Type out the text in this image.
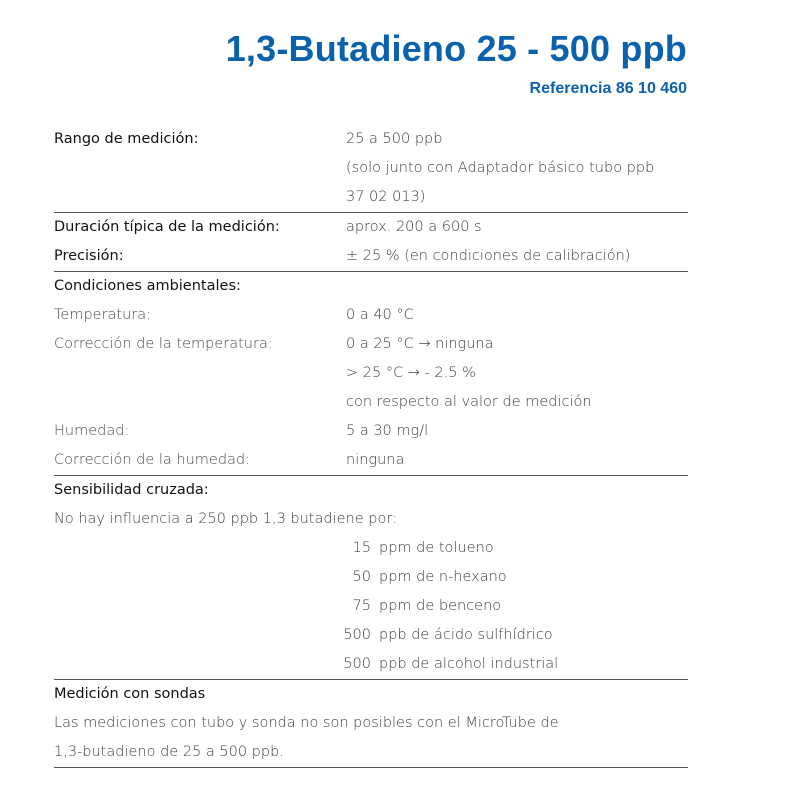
1,3-Butadieno 25 - 500 ppb
Referencia 86 10 460
Rango de medición:	25 a 500 ppb
(solo junto con Adaptador básico tubo ppb
37 02 013)
Duración típica de la medición:	aprox. 200 a 600 s
Precisión:	± 25 % (en condiciones de calibración)
Condiciones ambientales:
Temperatura:	0 a 40 °C
Corrección de la temperatura:	0 a 25 °C → ninguna
> 25 °C → - 2.5 %
con respecto al valor de medición
Humedad:	5 a 30 mg/l
Corrección de la humedad:	ninguna
Sensibilidad cruzada:
No hay influencia a 250 ppb 1,3 butadiene por:
15 ppm de tolueno
50 ppm de n-hexano
75 ppm de benceno
500 ppb de ácido sulfhídrico
500 ppb de alcohol industrial
Medición con sondas
Las mediciones con tubo y sonda no son posibles con el MicroTube de
1,3-butadieno de 25 a 500 ppb.
